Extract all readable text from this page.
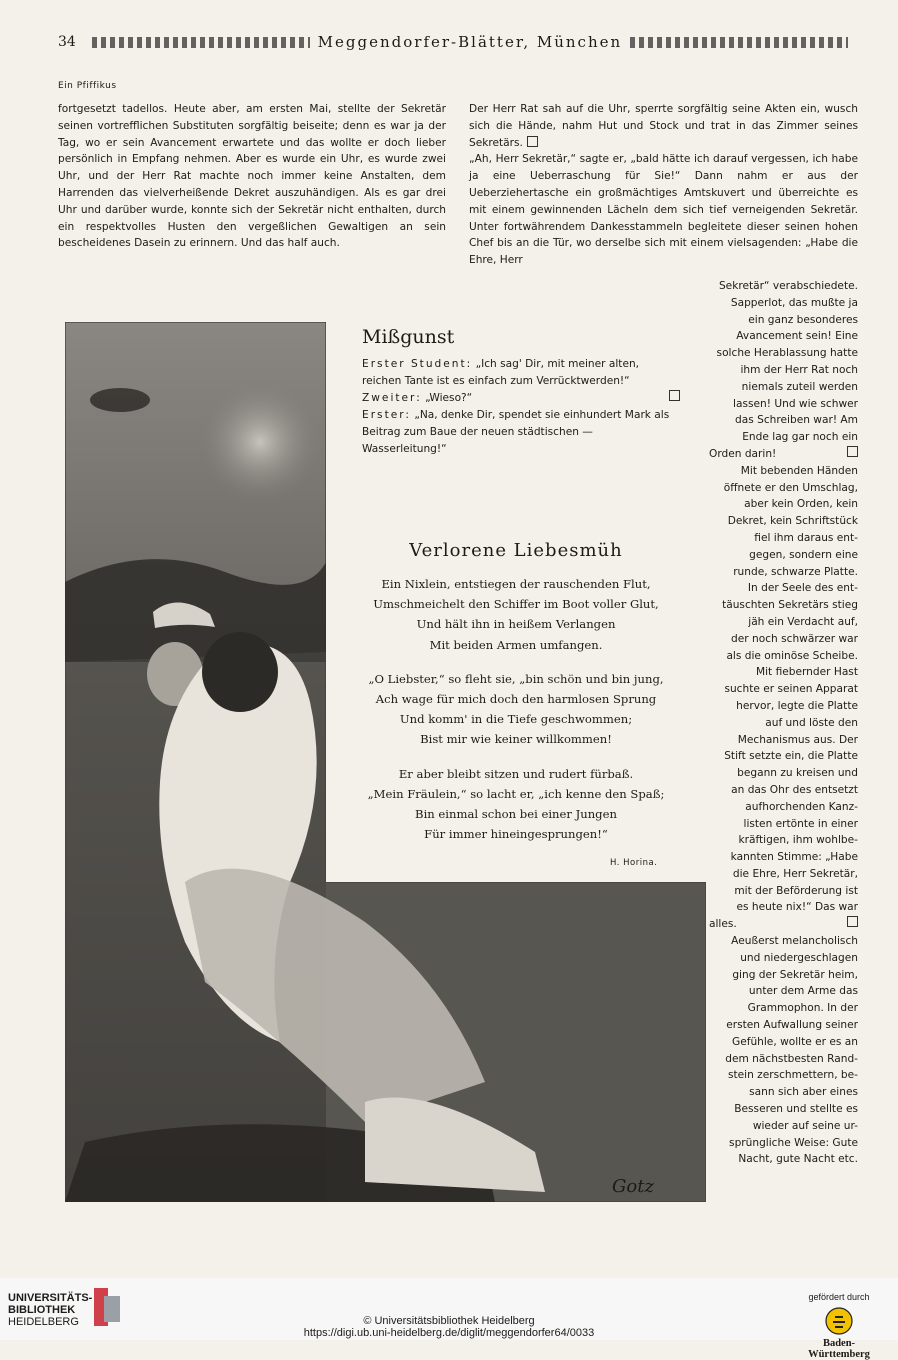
34	Meggendorfer-Blätter, München
Ein Pfiffikus

fortgesetzt tadellos. Heute aber, am ersten Mai, stellte der Sekretär seinen vortrefflichen Substituten sorgfältig beiseite; denn es war ja der Tag, wo er sein Avancement erwartete und das wollte er doch lieber persönlich in Empfang nehmen. Aber es wurde ein Uhr, es wurde zwei Uhr, und der Herr Rat machte noch immer keine Anstalten, dem Harrenden das vielverheißende Dekret auszuhändigen. Als es gar drei Uhr und darüber wurde, konnte sich der Sekretär nicht enthalten, durch ein respektvolles Husten den vergeßlichen Gewaltigen an sein bescheidenes Dasein zu erinnern. Und das half auch.

Der Herr Rat sah auf die Uhr, sperrte sorgfältig seine Akten ein, wusch sich die Hände, nahm Hut und Stock und trat in das Zimmer seines Sekretärs.

„Ah, Herr Sekretär,“ sagte er, „bald hätte ich darauf vergessen, ich habe ja eine Ueberraschung für Sie!“ Dann nahm er aus der Ueberziehertasche ein großmächtiges Amtskuvert und überreichte es mit einem gewinnenden Lächeln dem sich tief verneigenden Sekretär. Unter fortwährendem Dankesstammeln begleitete dieser seinen hohen Chef bis an die Tür, wo derselbe sich mit einem vielsagenden: „Habe die Ehre, Herr

Sekretär“ verabschiedete.
Sapperlot, das mußte ja
ein ganz besonderes
Avancement sein! Eine
solche Herablassung hatte
ihm der Herr Rat noch
niemals zuteil werden
lassen! Und wie schwer
das Schreiben war! Am
Ende lag gar noch ein
Orden darin!
Mit bebenden Händen
öffnete er den Umschlag,
aber kein Orden, kein
Dekret, kein Schriftstück
fiel ihm daraus ent-
gegen, sondern eine
runde, schwarze Platte.
In der Seele des ent-
täuschten Sekretärs stieg
jäh ein Verdacht auf,
der noch schwärzer war
als die ominöse Scheibe.
Mit fiebernder Hast
suchte er seinen Apparat
hervor, legte die Platte
auf und löste den
Mechanismus aus. Der
Stift setzte ein, die Platte
begann zu kreisen und
an das Ohr des entsetzt
aufhorchenden Kanz-
listen ertönte in einer
kräftigen, ihm wohlbe-
kannten Stimme: „Habe
die Ehre, Herr Sekretär,
mit der Beförderung ist
es heute nix!“ Das war
alles.
Aeußerst melancholisch
und niedergeschlagen
ging der Sekretär heim,
unter dem Arme das
Grammophon. In der
ersten Aufwallung seiner
Gefühle, wollte er es an
dem nächstbesten Rand-
stein zerschmettern, be-
sann sich aber eines
Besseren und stellte es
wieder auf seine ur-
sprüngliche Weise: Gute
Nacht, gute Nacht etc.
Mißgunst
Erster Student: „Ich sag' Dir, mit meiner alten, reichen Tante ist es einfach zum Verrücktwerden!“
Zweiter: „Wieso?“
Erster: „Na, denke Dir, spendet sie einhundert Mark als Beitrag zum Baue der neuen städtischen — Wasserleitung!“
Verlorene Liebesmüh
Ein Nixlein, entstiegen der rauschenden Flut,
Umschmeichelt den Schiffer im Boot voller Glut,
Und hält ihn in heißem Verlangen
Mit beiden Armen umfangen.
„O Liebster,“ so fleht sie, „bin schön und bin jung,
Ach wage für mich doch den harmlosen Sprung
Und komm' in die Tiefe geschwommen;
Bist mir wie keiner willkommen!
Er aber bleibt sitzen und rudert fürbaß.
„Mein Fräulein,“ so lacht er, „ich kenne den Spaß;
Bin einmal schon bei einer Jungen
Für immer hineingesprungen!“
H. Horina.
Gotz
UNIVERSITÄTS-
BIBLIOTHEK
HEIDELBERG
gefördert durch
Baden-Württemberg
© Universitätsbibliothek Heidelberg
https://digi.ub.uni-heidelberg.de/diglit/meggendorfer64/0033
